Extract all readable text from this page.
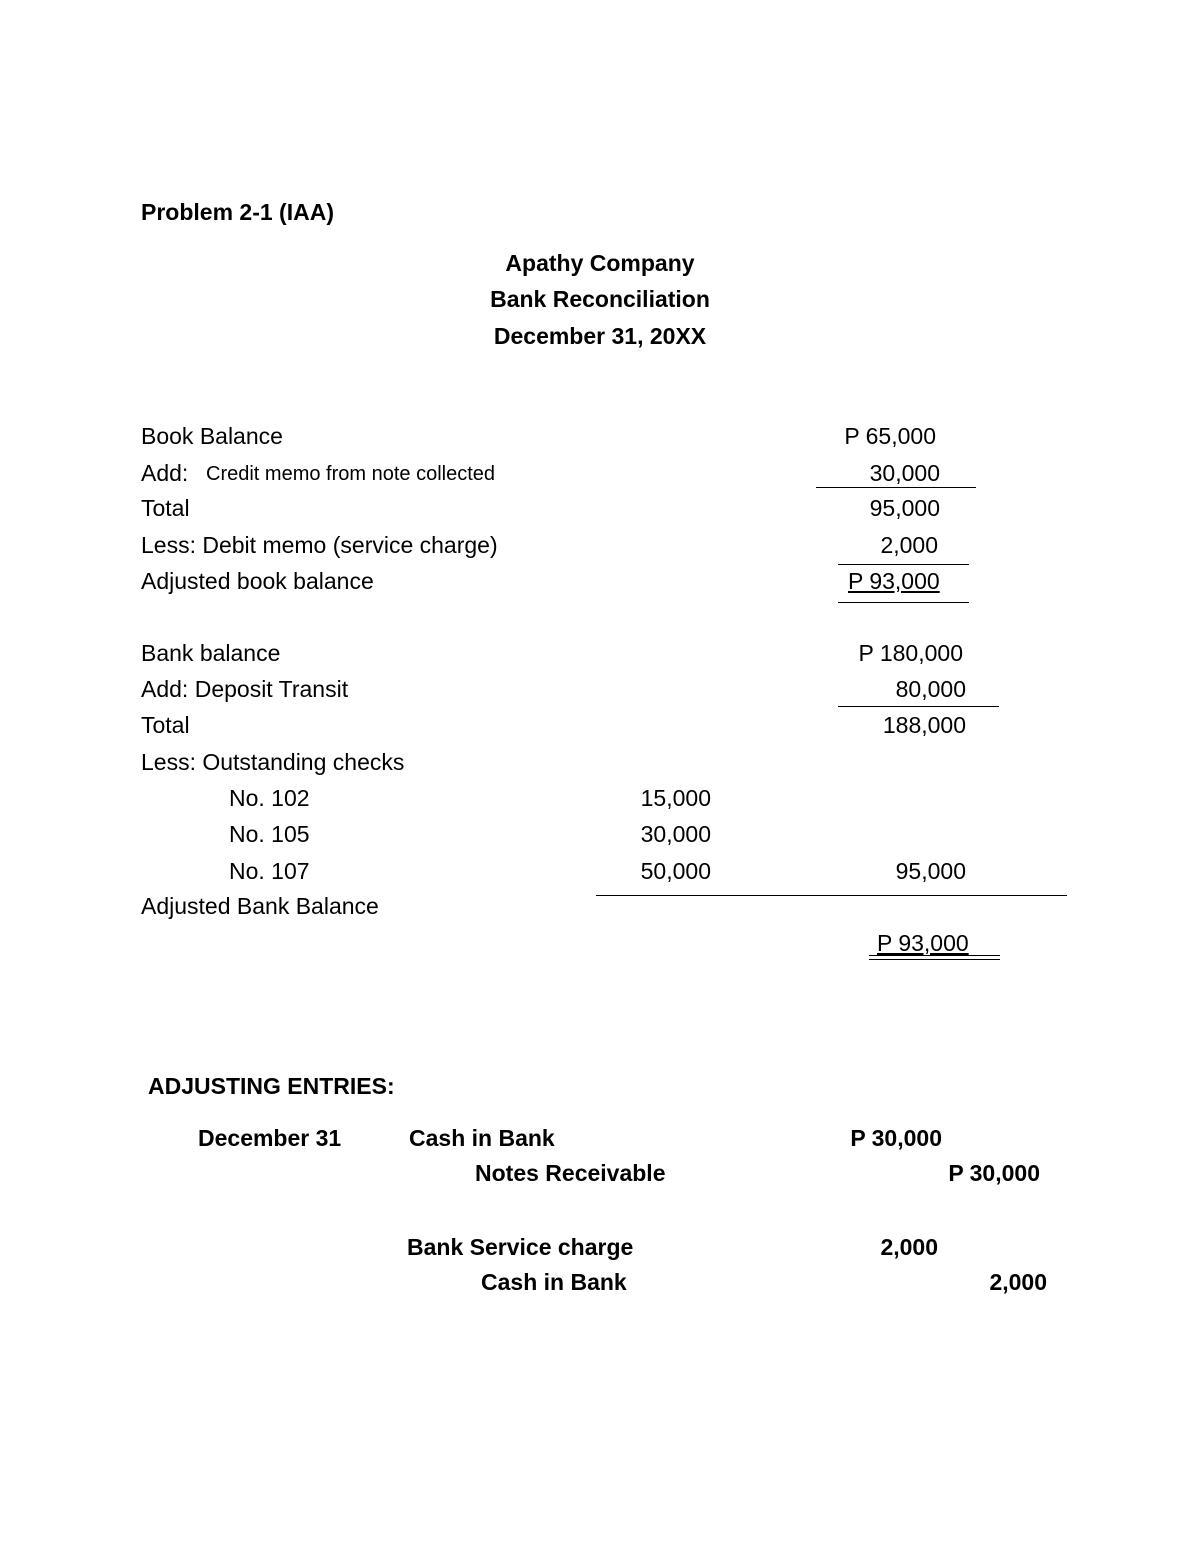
Problem 2-1 (IAA)
Apathy Company
Bank Reconciliation
December 31, 20XX
Book Balance	P 65,000
Add: Credit memo from note collected	30,000
Total	95,000
Less: Debit memo (service charge)	2,000
Adjusted book balance	P 93,000
Bank balance	P 180,000
Add: Deposit Transit	80,000
Total	188,000
Less: Outstanding checks
No. 102	15,000
No. 105	30,000
No. 107	50,000	95,000
Adjusted Bank Balance
P 93,000
ADJUSTING ENTRIES:
December 31	Cash in Bank	P 30,000
Notes Receivable	P 30,000
Bank Service charge	2,000
Cash in Bank	2,000
